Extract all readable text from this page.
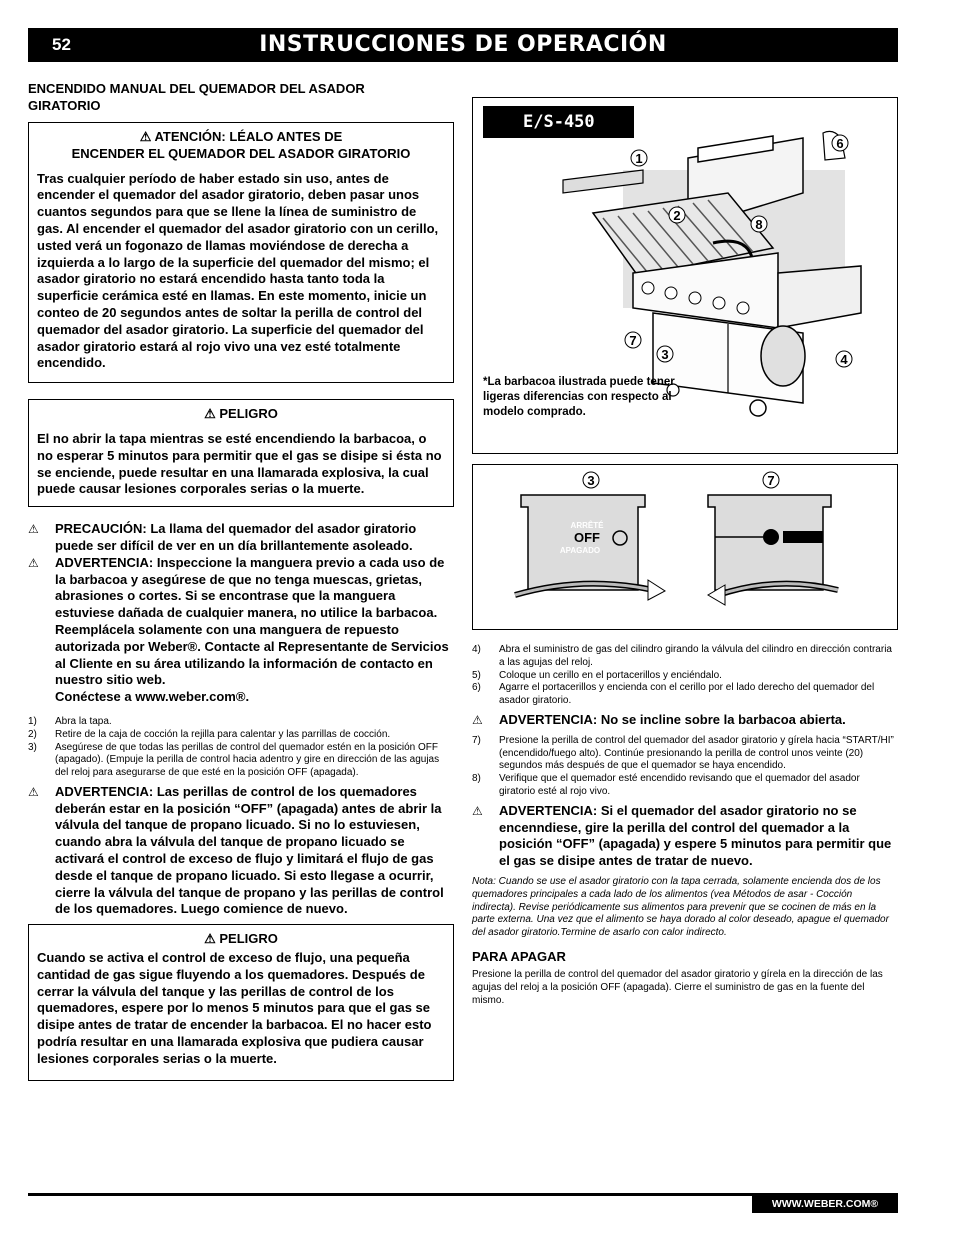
52	INSTRUCCIONES DE OPERACIÓN
ENCENDIDO MANUAL DEL QUEMADOR DEL ASADOR GIRATORIO
⚠ ATENCIÓN: LÉALO ANTES DE
ENCENDER EL QUEMADOR DEL ASADOR GIRATORIO
Tras cualquier período de haber estado sin uso, antes de encender el quemador del asador giratorio, deben pasar unos cuantos segundos para que se llene la línea de suministro de gas. Al encender el quemador del asador giratorio con un cerillo, usted verá un fogonazo de llamas moviéndose de derecha a izquierda a lo largo de la superficie del quemador del mismo; el asador giratorio no estará encendido hasta tanto toda la superficie cerámica esté en llamas. En este momento, inicie un conteo de 20 segundos antes de soltar la perilla de control del quemador del asador giratorio. La superficie del quemador del asador giratorio estará al rojo vivo una vez esté totalmente encendido.
⚠ PELIGRO
El no abrir la tapa mientras se esté encendiendo la barbacoa, o no esperar 5 minutos para permitir que el gas se disipe si ésta no se enciende, puede resultar en una llamarada explosiva, la cual puede causar lesiones corporales serias o la muerte.
⚠	PRECAUCIÓN: La llama del quemador del asador giratorio puede ser difícil de ver en un día brillantemente asoleado.
⚠	ADVERTENCIA: Inspeccione la manguera previo a cada uso de la barbacoa y asegúrese de que no tenga muescas, grietas, abrasiones o cortes. Si se encontrase que la manguera estuviese dañada de cualquier manera, no utilice la barbacoa. Reemplácela solamente con una manguera de repuesto autorizada por Weber®. Contacte al Representante de Servicios al Cliente en su área utilizando la información de contacto en nuestro sitio web.
Conéctese a www.weber.com®.
1)	Abra la tapa.
2)	Retire de la caja de cocción la rejilla para calentar y las parrillas de cocción.
3)	Asegúrese de que todas las perillas de control del quemador estén en la posición OFF (apagado). (Empuje la perilla de control hacia adentro y gire en dirección de las agujas del reloj para asegurarse de que esté en la posición OFF (apagada).
⚠	ADVERTENCIA: Las perillas de control de los quemadores deberán estar en la posición “OFF” (apagada) antes de abrir la válvula del tanque de propano licuado. Si no lo estuviesen, cuando abra la válvula del tanque de propano licuado se activará el control de exceso de flujo y limitará el flujo de gas desde el tanque de propano licuado. Si esto llegase a ocurrir, cierre la válvula del tanque de propano y las perillas de control de los quemadores. Luego comience de nuevo.
⚠ PELIGRO
Cuando se activa el control de exceso de flujo, una pequeña cantidad de gas sigue fluyendo a los quemadores. Después de cerrar la válvula del tanque y las perillas de control de los quemadores, espere por lo menos 5 minutos para que el gas se disipe antes de tratar de encender la barbacoa. El no hacer esto podría resultar en una llamarada explosiva que pudiera causar lesiones corporales serias o la muerte.
E/S-450
1
2
3	4
6
7
8
*La barbacoa ilustrada puede tener ligeras diferencias con respecto al modelo comprado.
3	7
ARRÊTÉ
OFF
APAGADO
4)	Abra el suministro de gas del cilindro girando la válvula del cilindro en dirección contraria a las agujas del reloj.
5)	Coloque un cerillo en el portacerillos y enciéndalo.
6)	Agarre el portacerillos y encienda con el cerillo por el lado derecho del quemador del asador giratorio.
⚠	ADVERTENCIA: No se incline sobre la barbacoa abierta.
7)	Presione la perilla de control del quemador del asador giratorio y gírela hacia “START/HI” (encendido/fuego alto). Continúe presionando la perilla de control unos veinte (20) segundos más después de que el quemador se haya encendido.
8)	Verifique que el quemador esté encendido revisando que el quemador del asador giratorio esté al rojo vivo.
⚠	ADVERTENCIA: Si el quemador del asador giratorio no se encenndiese, gire la perilla del control del quemador a la posición “OFF” (apagada) y espere 5 minutos para permitir que el gas se disipe antes de tratar de nuevo.
Nota: Cuando se use el asador giratorio con la tapa cerrada, solamente encienda dos de los quemadores principales a cada lado de los alimentos (vea Métodos de asar - Cocción indirecta). Revise periódicamente sus alimentos para prevenir que se cocinen de más en la parte externa. Una vez que el alimento se haya dorado al color deseado, apague el quemador del asador giratorio.Termine de asarlo con calor indirecto.
PARA APAGAR
Presione la perilla de control del quemador del asador giratorio y gírela en la dirección de las agujas del reloj a la posición OFF (apagada). Cierre el suministro de gas en la fuente del mismo.
WWW.WEBER.COM®
